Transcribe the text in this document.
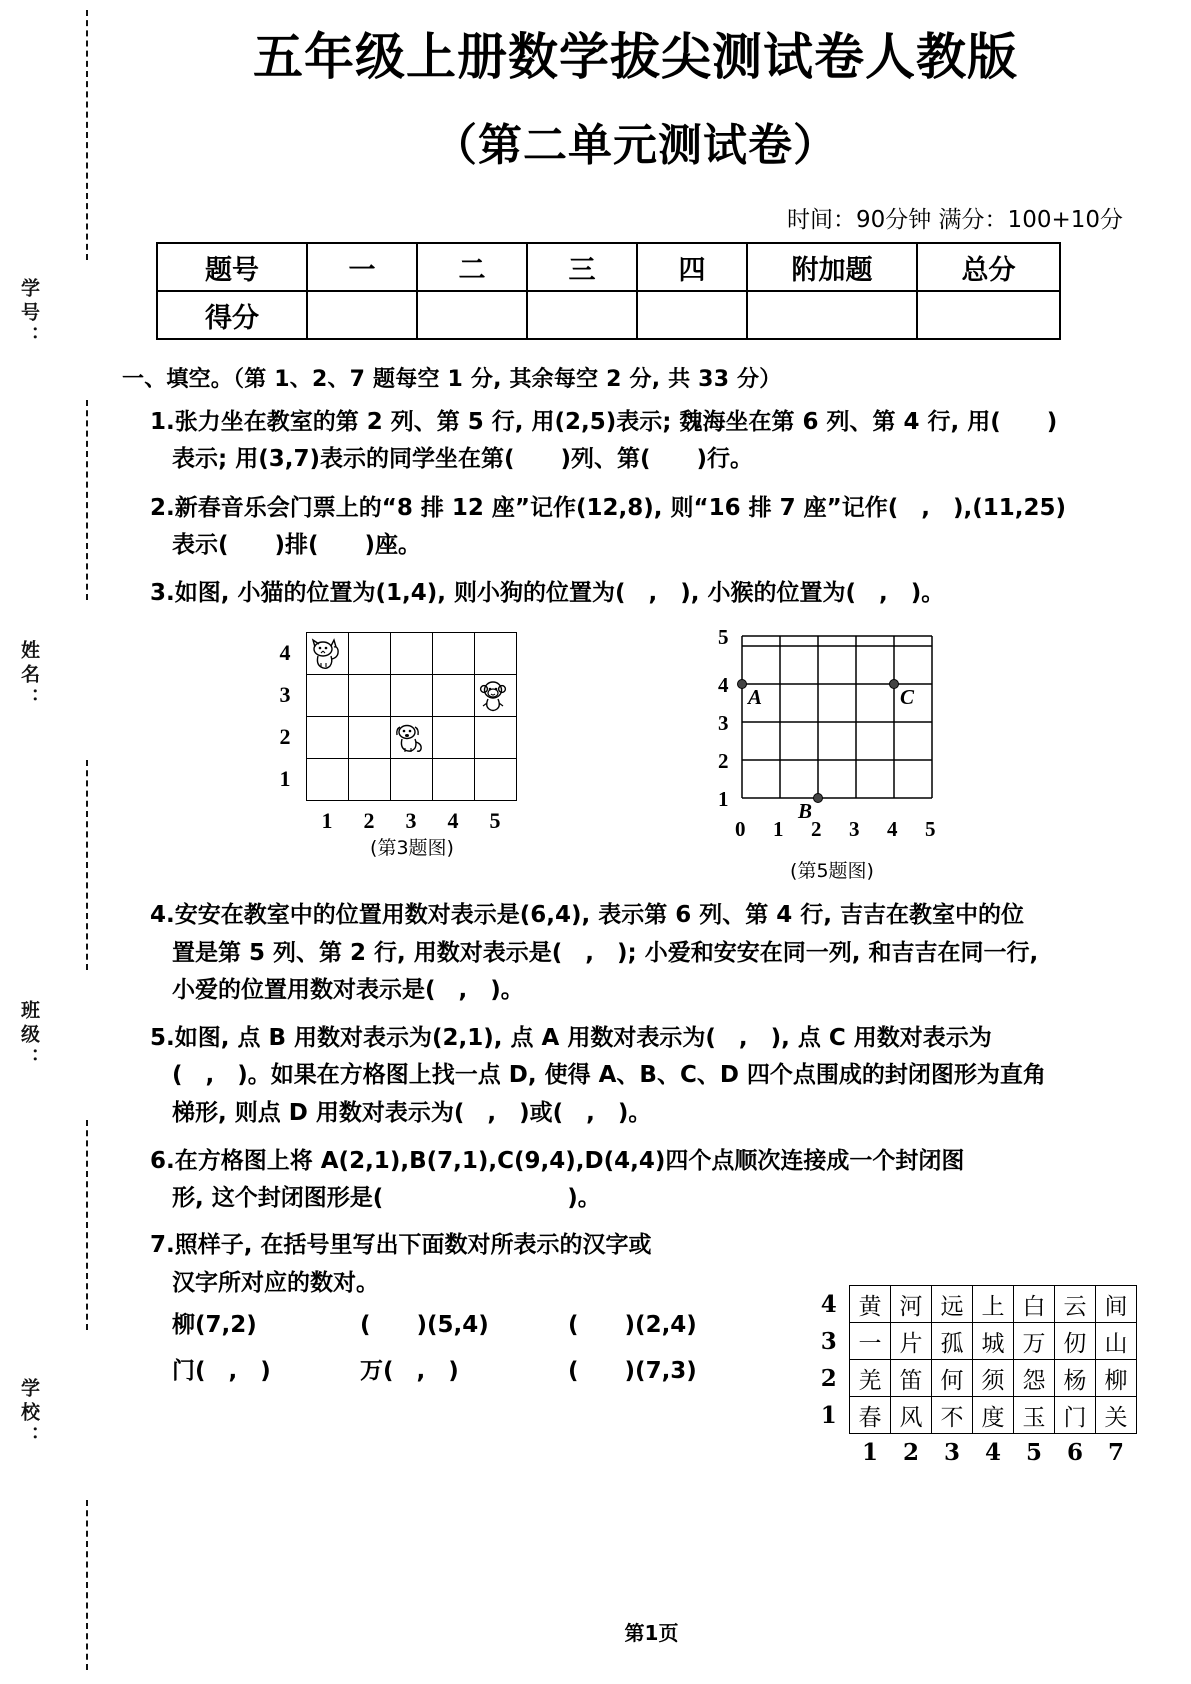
学号：
姓名：
班级：
学校：
五年级上册数学拔尖测试卷人教版
（第二单元测试卷）
时间：90分钟 满分：100+10分
题号	一	二	三	四	附加题	总分
得分						
一、填空。（第 1、2、7 题每空 1 分, 其余每空 2 分, 共 33 分）
1.张力坐在教室的第 2 列、第 5 行, 用(2,5)表示; 魏海坐在第 6 列、第 4 行, 用(　　)
表示; 用(3,7)表示的同学坐在第(　　)列、第(　　)行。
2.新春音乐会门票上的“8 排 12 座”记作(12,8), 则“16 排 7 座”记作(　,　),(11,25)
表示(　　)排(　　)座。
3.如图, 小猫的位置为(1,4), 则小狗的位置为(　,　), 小猴的位置为(　,　)。
4
3
2
1

1	2	3	4	5
(第3题图)
A	C
B
5
4
3
2
1
0 1 2 3 4 5
(第5题图)
4.安安在教室中的位置用数对表示是(6,4), 表示第 6 列、第 4 行, 吉吉在教室中的位
置是第 5 列、第 2 行, 用数对表示是(　,　); 小爱和安安在同一列, 和吉吉在同一行,
小爱的位置用数对表示是(　,　)。
5.如图, 点 B 用数对表示为(2,1), 点 A 用数对表示为(　,　), 点 C 用数对表示为
(　,　)。如果在方格图上找一点 D, 使得 A、B、C、D 四个点围成的封闭图形为直角
梯形, 则点 D 用数对表示为(　,　)或(　,　)。
6.在方格图上将 A(2,1),B(7,1),C(9,4),D(4,4)四个点顺次连接成一个封闭图
形, 这个封闭图形是(　　　　　　　　)。
7.照样子, 在括号里写出下面数对所表示的汉字或
汉字所对应的数对。
柳(7,2)	(　　)(5,4)	(　　)(2,4)
门(　,　)	万(　,　)	(　　)(7,3)
4	黄	河	远	上	白	云	间
3	一	片	孤	城	万	仞	山
2	羌	笛	何	须	怨	杨	柳
1	春	风	不	度	玉	门	关
	1	2	3	4	5	6	7
第1页
